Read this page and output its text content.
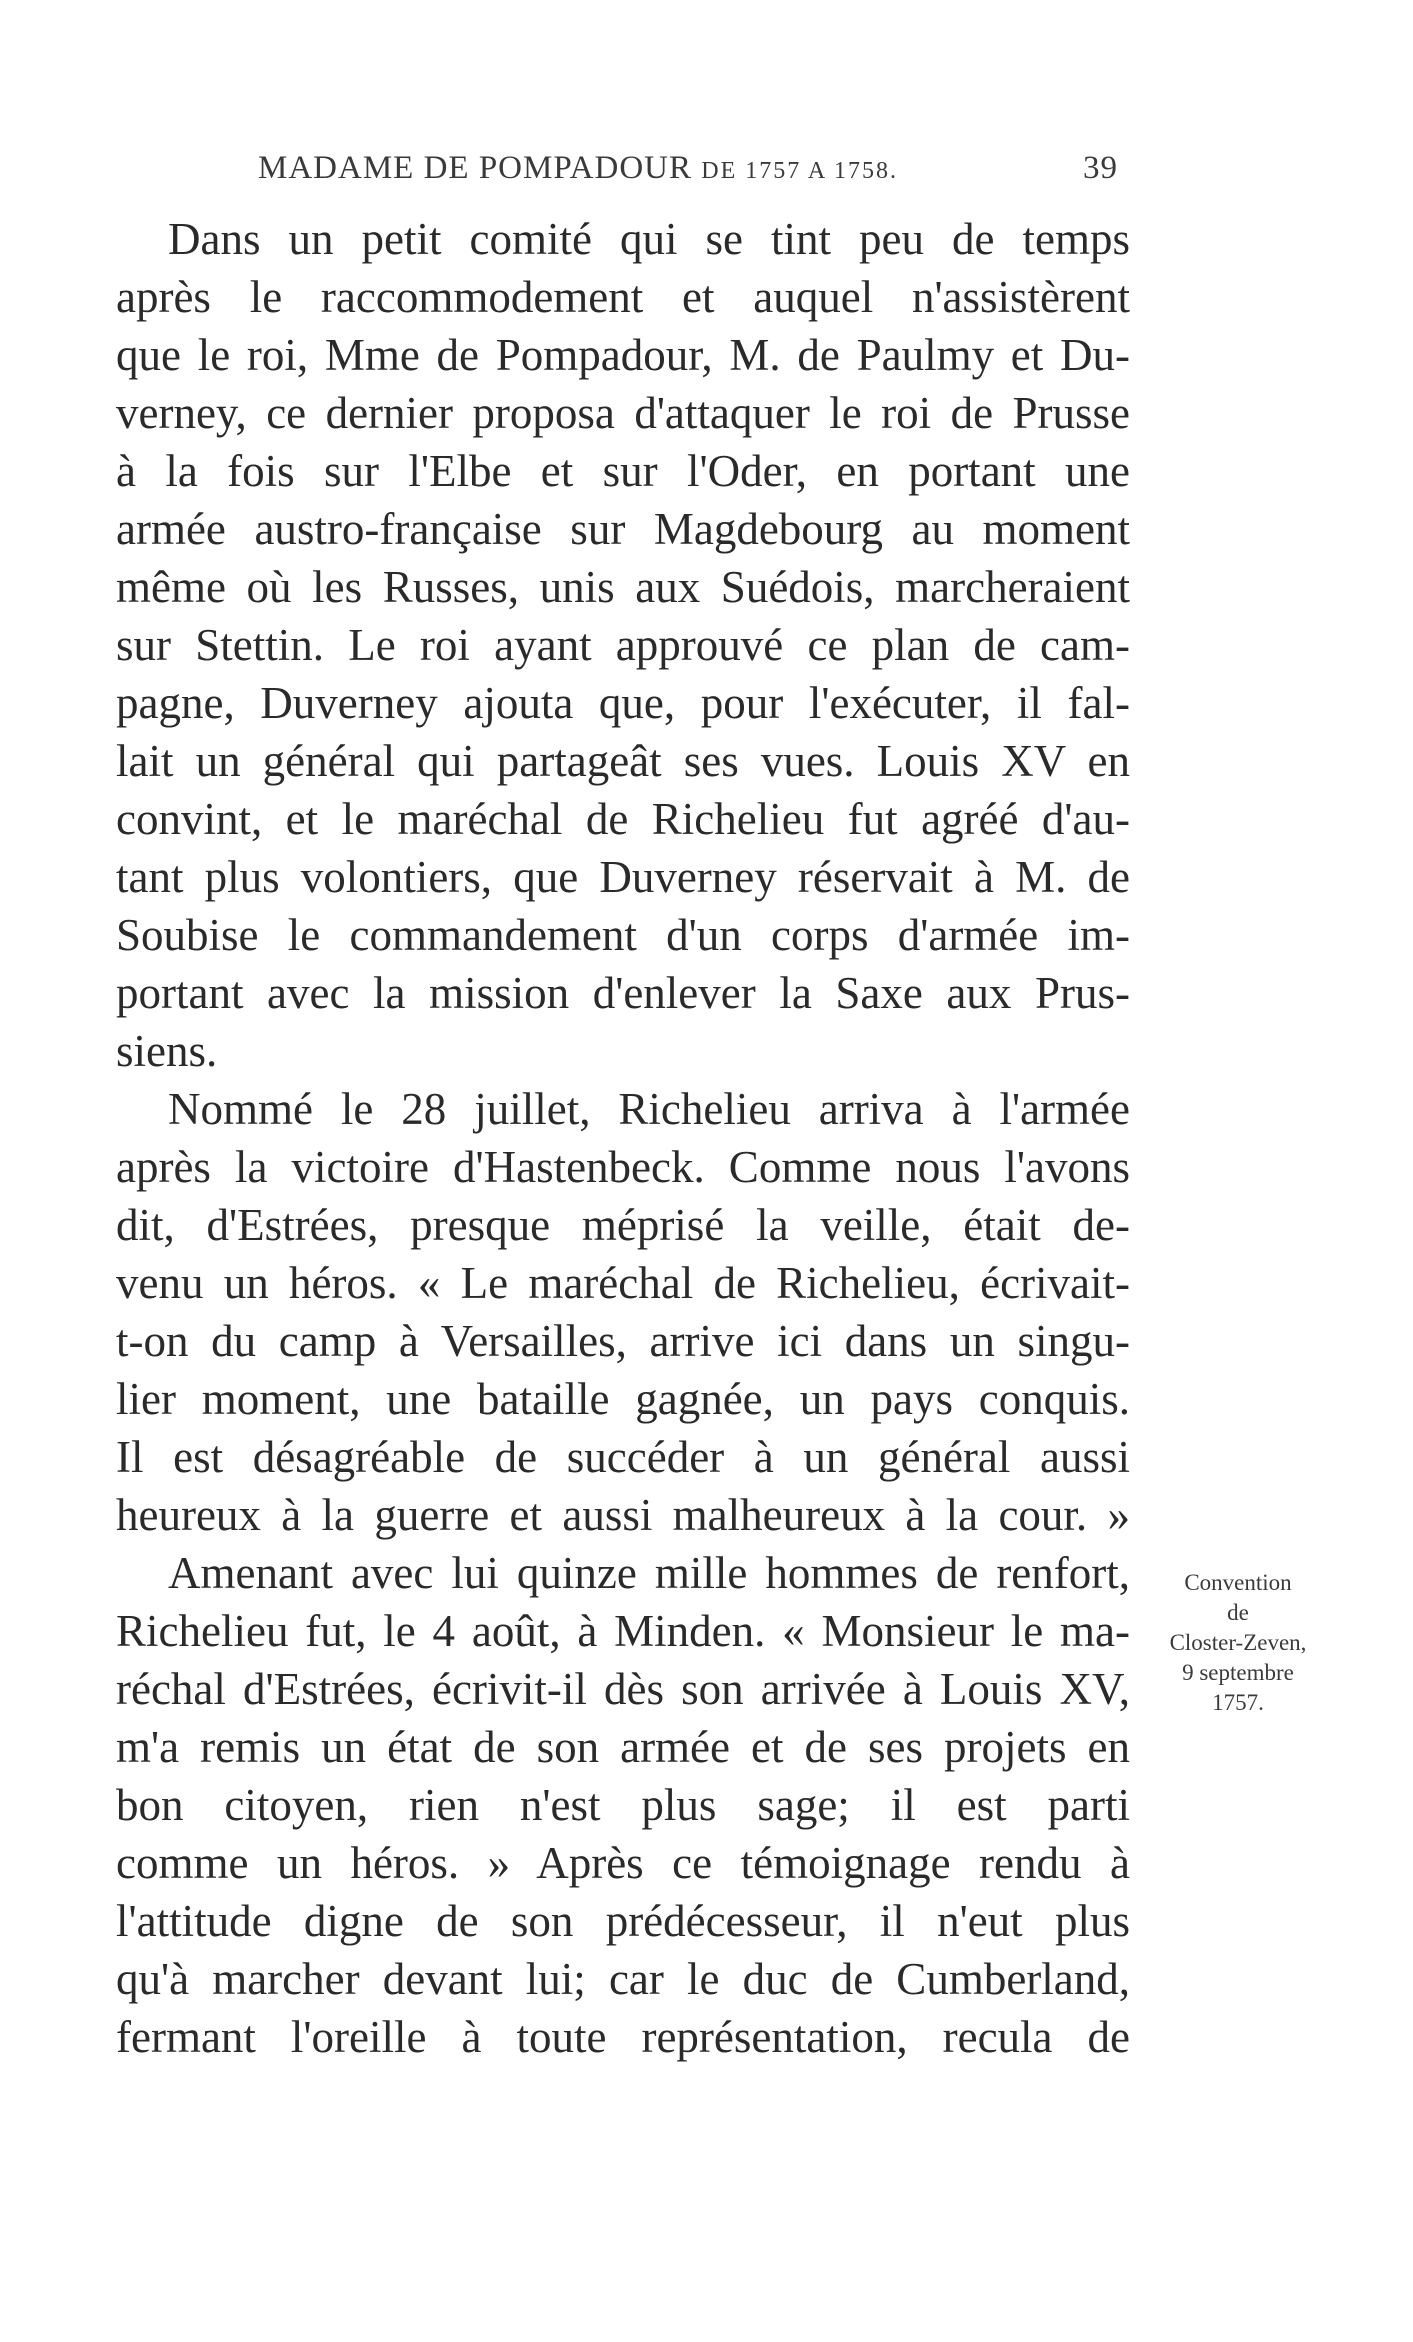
MADAME DE POMPADOUR DE 1757 A 1758.	39
Dans un petit comité qui se tint peu de temps
après le raccommodement et auquel n'assistèrent
que le roi, Mme de Pompadour, M. de Paulmy et Du-
verney, ce dernier proposa d'attaquer le roi de Prusse
à la fois sur l'Elbe et sur l'Oder, en portant une
armée austro-française sur Magdebourg au moment
même où les Russes, unis aux Suédois, marcheraient
sur Stettin. Le roi ayant approuvé ce plan de cam-
pagne, Duverney ajouta que, pour l'exécuter, il fal-
lait un général qui partageât ses vues. Louis XV en
convint, et le maréchal de Richelieu fut agréé d'au-
tant plus volontiers, que Duverney réservait à M. de
Soubise le commandement d'un corps d'armée im-
portant avec la mission d'enlever la Saxe aux Prus-
siens.
Nommé le 28 juillet, Richelieu arriva à l'armée
après la victoire d'Hastenbeck. Comme nous l'avons
dit, d'Estrées, presque méprisé la veille, était de-
venu un héros. « Le maréchal de Richelieu, écrivait-
t-on du camp à Versailles, arrive ici dans un singu-
lier moment, une bataille gagnée, un pays conquis.
Il est désagréable de succéder à un général aussi
heureux à la guerre et aussi malheureux à la cour. »
Amenant avec lui quinze mille hommes de renfort,
Richelieu fut, le 4 août, à Minden. « Monsieur le ma-
réchal d'Estrées, écrivit-il dès son arrivée à Louis XV,
m'a remis un état de son armée et de ses projets en
bon citoyen, rien n'est plus sage; il est parti
comme un héros. » Après ce témoignage rendu à
l'attitude digne de son prédécesseur, il n'eut plus
qu'à marcher devant lui; car le duc de Cumberland,
fermant l'oreille à toute représentation, recula de
Convention
de
Closter-Zeven,
9 septembre
1757.
